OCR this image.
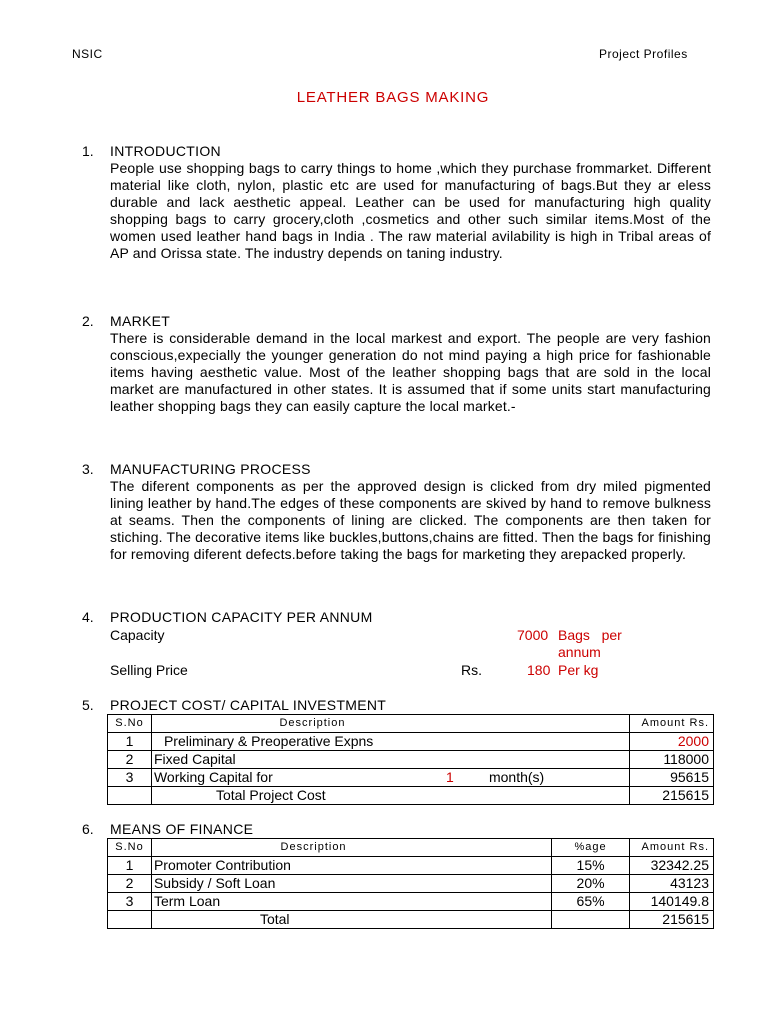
NSIC	Project Profiles
LEATHER BAGS MAKING
1. INTRODUCTION
People use shopping bags to carry things to home ,which they purchase frommarket. Different material like cloth, nylon, plastic etc are used for manufacturing of bags.But they ar eless durable and lack aesthetic appeal. Leather can be used for manufacturing high quality shopping bags to carry grocery,cloth ,cosmetics and other such similar items.Most of the women used leather hand bags in India . The raw material avilability is high in Tribal areas of AP and Orissa state. The industry depends on taning industry.
2. MARKET
There is considerable demand in the local markest and export. The people are very fashion conscious,expecially the younger generation do not mind paying a high price for fashionable items having aesthetic value. Most of the leather shopping bags that are sold in the local market are manufactured in other states. It is assumed that if some units start manufacturing leather shopping bags they can easily capture the local market.-
3. MANUFACTURING PROCESS
The diferent components as per the approved design is clicked from dry miled pigmented lining leather by hand.The edges of these components are skived by hand to remove bulkness at seams. Then the components of lining are clicked. The components are then taken for stiching. The decorative items like buckles,buttons,chains are fitted. Then the bags for finishing for removing diferent defects.before taking the bags for marketing they arepacked properly.
4. PRODUCTION CAPACITY PER ANNUM
Capacity	7000 Bags   per
annum
Selling Price	Rs.	180 Per kg
5. PROJECT COST/ CAPITAL INVESTMENT
S.No	Description	Amount Rs.
1	Preliminary & Preoperative Expns	2000
2	Fixed Capital	118000
3	Working Capital for 1 month(s)	95615
	Total Project Cost	215615
6. MEANS OF FINANCE
S.No	Description	%age	Amount Rs.
1	Promoter Contribution	15%	32342.25
2	Subsidy / Soft Loan	20%	43123
3	Term Loan	65%	140149.8
	Total		215615
